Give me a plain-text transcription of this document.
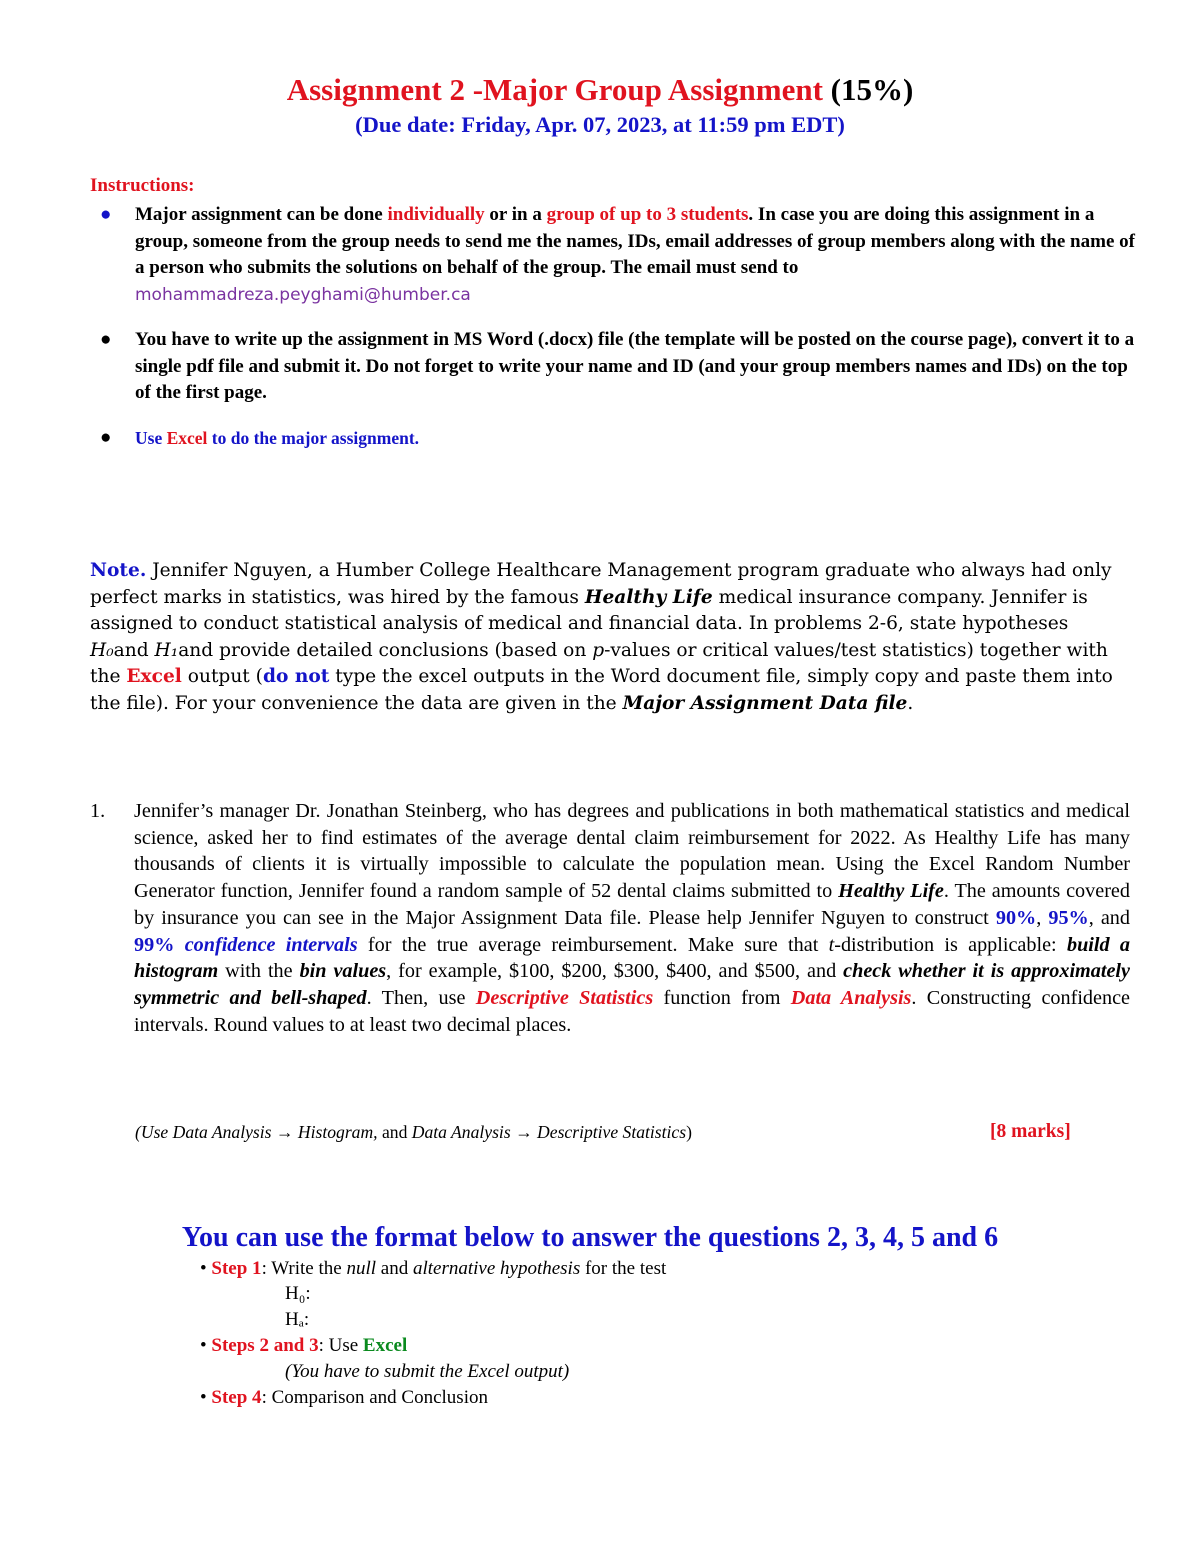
Assignment 2 -Major Group Assignment (15%)
(Due date: Friday, Apr. 07, 2023, at 11:59 pm EDT)
Instructions:
● Major assignment can be done individually or in a group of up to 3 students. In case you are doing this assignment in a group, someone from the group needs to send me the names, IDs, email addresses of group members along with the name of a person who submits the solutions on behalf of the group. The email must send to mohammadreza.peyghami@humber.ca
● You have to write up the assignment in MS Word (.docx) file (the template will be posted on the course page), convert it to a single pdf file and submit it. Do not forget to write your name and ID (and your group members names and IDs) on the top of the first page.
● Use Excel to do the major assignment.
Note. Jennifer Nguyen, a Humber College Healthcare Management program graduate who always had only perfect marks in statistics, was hired by the famous Healthy Life medical insurance company. Jennifer is assigned to conduct statistical analysis of medical and financial data. In problems 2-6, state hypotheses H₀and H₁and provide detailed conclusions (based on p-values or critical values/test statistics) together with the Excel output (do not type the excel outputs in the Word document file, simply copy and paste them into the file). For your convenience the data are given in the Major Assignment Data file.
1.	Jennifer’s manager Dr. Jonathan Steinberg, who has degrees and publications in both mathematical statistics and medical science, asked her to find estimates of the average dental claim reimbursement for 2022. As Healthy Life has many thousands of clients it is virtually impossible to calculate the population mean. Using the Excel Random Number Generator function, Jennifer found a random sample of 52 dental claims submitted to Healthy Life. The amounts covered by insurance you can see in the Major Assignment Data file. Please help Jennifer Nguyen to construct 90%, 95%, and 99% confidence intervals for the true average reimbursement. Make sure that t-distribution is applicable: build a histogram with the bin values, for example, $100, $200, $300, $400, and $500, and check whether it is approximately symmetric and bell-shaped. Then, use Descriptive Statistics function from Data Analysis. Constructing confidence intervals. Round values to at least two decimal places.
(Use Data Analysis → Histogram, and Data Analysis → Descriptive Statistics)	[8 marks]
You can use the format below to answer the questions 2, 3, 4, 5 and 6
• Step 1: Write the null and alternative hypothesis for the test
H₀:
Hₐ:
• Steps 2 and 3: Use Excel
(You have to submit the Excel output)
• Step 4: Comparison and Conclusion
